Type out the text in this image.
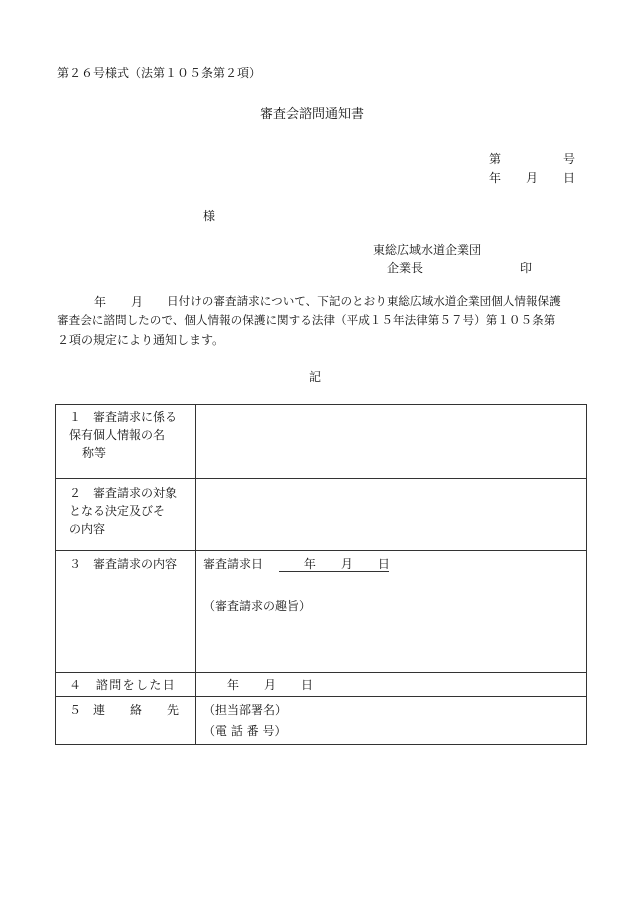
第２６号様式（法第１０５条第２項）
審査会諮問通知書
第	号
年 月 日
様
東総広域水道企業団
企業長	印
年 月 日付けの審査請求について、下記のとおり東総広域水道企業団個人情報保護
審査会に諮問したので、個人情報の保護に関する法律（平成１５年法律第５７号）第１０５条第
２項の規定により通知します。
記
１　審査請求に係る
保有個人情報の名
称等	

２　審査請求の対象
となる決定及びそ
の内容	

３　審査請求の内容	審査請求日 年 月 日
（審査請求の趣旨）

４　諮問をした日	年 月 日

５ 連 絡 先	（担当部署名）
（電 話 番 号）
